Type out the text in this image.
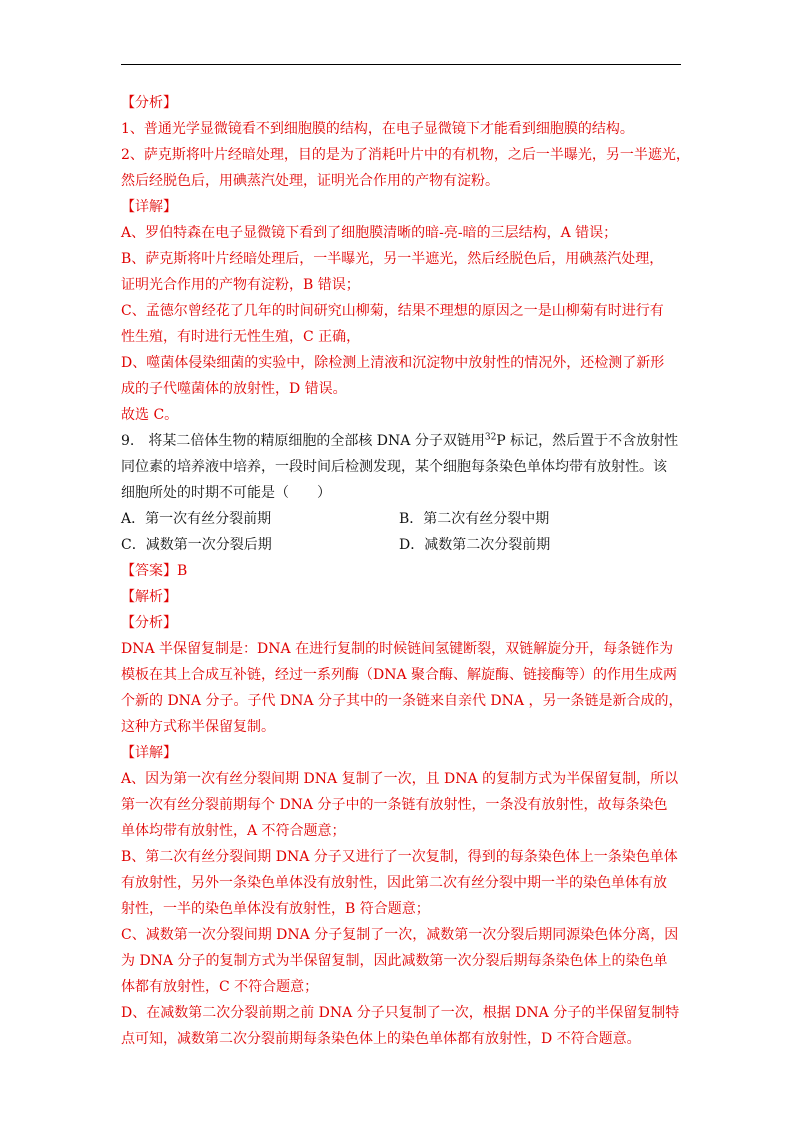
【分析】
1、普通光学显微镜看不到细胞膜的结构，在电子显微镜下才能看到细胞膜的结构。
2、萨克斯将叶片经暗处理，目的是为了消耗叶片中的有机物，之后一半曝光，另一半遮光，
然后经脱色后，用碘蒸汽处理，证明光合作用的产物有淀粉。
【详解】
A、罗伯特森在电子显微镜下看到了细胞膜清晰的暗-亮-暗的三层结构，A 错误；
B、萨克斯将叶片经暗处理后，一半曝光，另一半遮光，然后经脱色后，用碘蒸汽处理，
证明光合作用的产物有淀粉，B 错误；
C、孟德尔曾经花了几年的时间研究山柳菊，结果不理想的原因之一是山柳菊有时进行有
性生殖，有时进行无性生殖，C 正确，
D、噬菌体侵染细菌的实验中，除检测上清液和沉淀物中放射性的情况外，还检测了新形
成的子代噬菌体的放射性，D 错误。
故选 C。
9. 将某二倍体生物的精原细胞的全部核 DNA 分子双链用$^{32}$P 标记，然后置于不含放射性
同位素的培养液中培养，一段时间后检测发现，某个细胞每条染色单体均带有放射性。该
细胞所处的时期不可能是（　　）
A．第一次有丝分裂前期	B．第二次有丝分裂中期
C．减数第一次分裂后期	D．减数第二次分裂前期
【答案】B
【解析】
【分析】
DNA 半保留复制是：DNA 在进行复制的时候链间氢键断裂，双链解旋分开，每条链作为
模板在其上合成互补链，经过一系列酶（DNA 聚合酶、解旋酶、链接酶等）的作用生成两
个新的 DNA 分子。子代 DNA 分子其中的一条链来自亲代 DNA ，另一条链是新合成的，
这种方式称半保留复制。
【详解】
A、因为第一次有丝分裂间期 DNA 复制了一次，且 DNA 的复制方式为半保留复制，所以
第一次有丝分裂前期每个 DNA 分子中的一条链有放射性，一条没有放射性，故每条染色
单体均带有放射性，A 不符合题意；
B、第二次有丝分裂间期 DNA 分子又进行了一次复制，得到的每条染色体上一条染色单体
有放射性，另外一条染色单体没有放射性，因此第二次有丝分裂中期一半的染色单体有放
射性，一半的染色单体没有放射性，B 符合题意；
C、减数第一次分裂间期 DNA 分子复制了一次，减数第一次分裂后期同源染色体分离，因
为 DNA 分子的复制方式为半保留复制，因此减数第一次分裂后期每条染色体上的染色单
体都有放射性，C 不符合题意；
D、在减数第二次分裂前期之前 DNA 分子只复制了一次，根据 DNA 分子的半保留复制特
点可知，减数第二次分裂前期每条染色体上的染色单体都有放射性，D 不符合题意。
